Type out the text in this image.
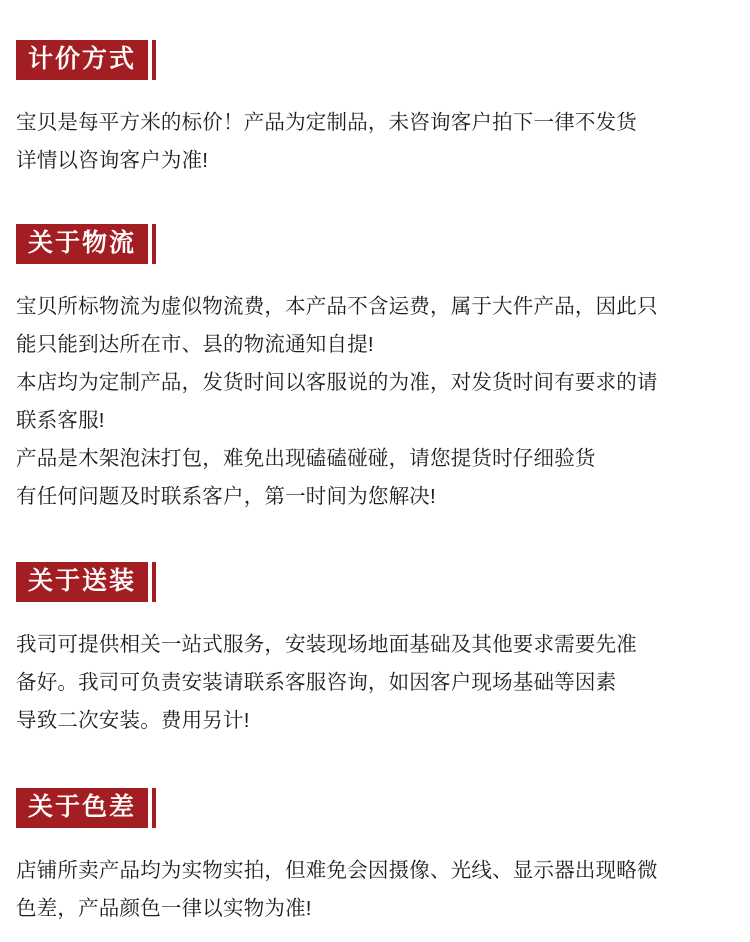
计价方式

宝贝是每平方米的标价！产品为定制品，未咨询客户拍下一律不发货

详情以咨询客户为准!

关于物流

宝贝所标物流为虚似物流费，本产品不含运费，属于大件产品，因此只

能只能到达所在市、县的物流通知自提!

本店均为定制产品，发货时间以客服说的为准，对发货时间有要求的请

联系客服!

产品是木架泡沫打包，难免出现磕磕碰碰，请您提货时仔细验货

有任何问题及时联系客户，第一时间为您解决!

关于送装

我司可提供相关一站式服务，安装现场地面基础及其他要求需要先准

备好。我司可负责安装请联系客服咨询，如因客户现场基础等因素

导致二次安装。费用另计!

关于色差

店铺所卖产品均为实物实拍，但难免会因摄像、光线、显示器出现略微

色差，产品颜色一律以实物为准!
